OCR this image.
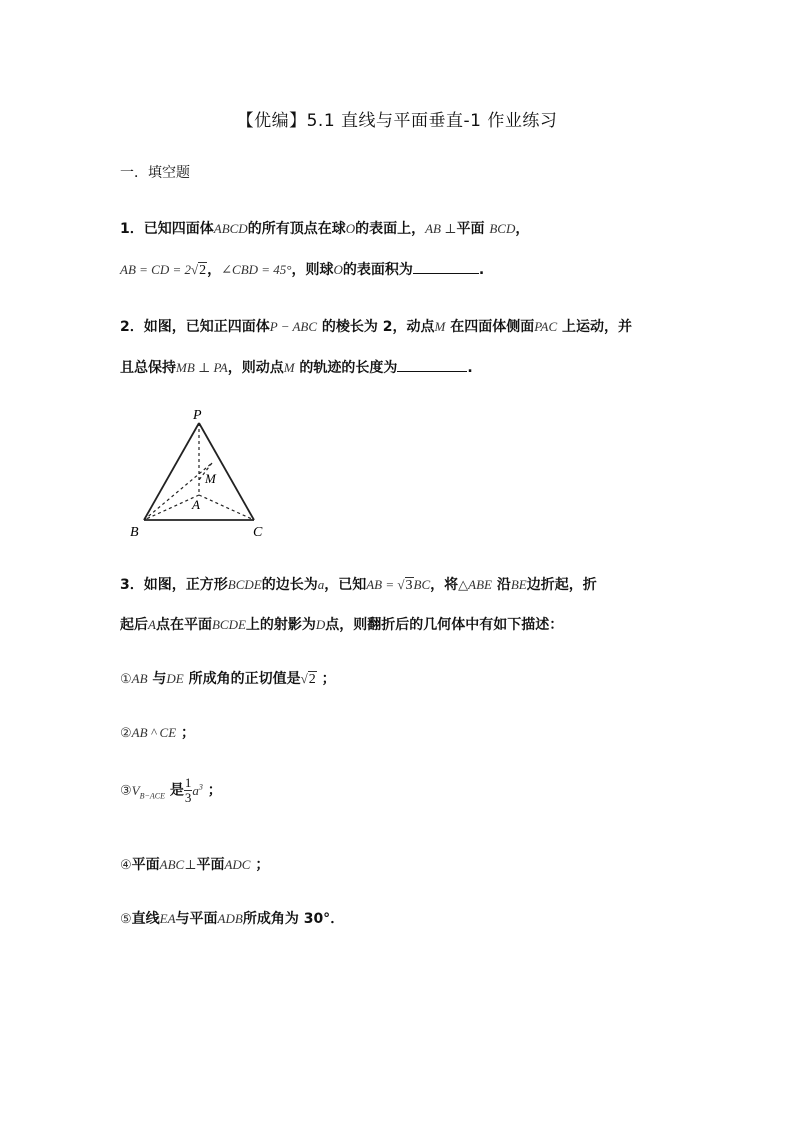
【优编】5.1 直线与平面垂直-1 作业练习
一．填空题
1．已知四面体ABCD的所有顶点在球O的表面上，AB ⊥平面 BCD，
AB = CD = 2√2，∠CBD = 45°，则球O的表面积为	.
2．如图，已知正四面体P − ABC 的棱长为 2，动点M 在四面体侧面PAC 上运动，并
且总保持MB ⊥ PA，则动点M 的轨迹的长度为	.
P
M
A
B	C
3．如图，正方形BCDE的边长为a，已知AB = √3BC，将△ABE 沿BE边折起，折
起后A点在平面BCDE上的射影为D点，则翻折后的几何体中有如下描述：
①AB 与DE 所成角的正切值是√2 ；
②AB ^ CE ；
$③V_{B-ACE}$ 是 $\frac{1}{3} a^3$ ；
④平面ABC⊥平面ADC ；
⑤直线EA与平面ADB所成角为 30°．
